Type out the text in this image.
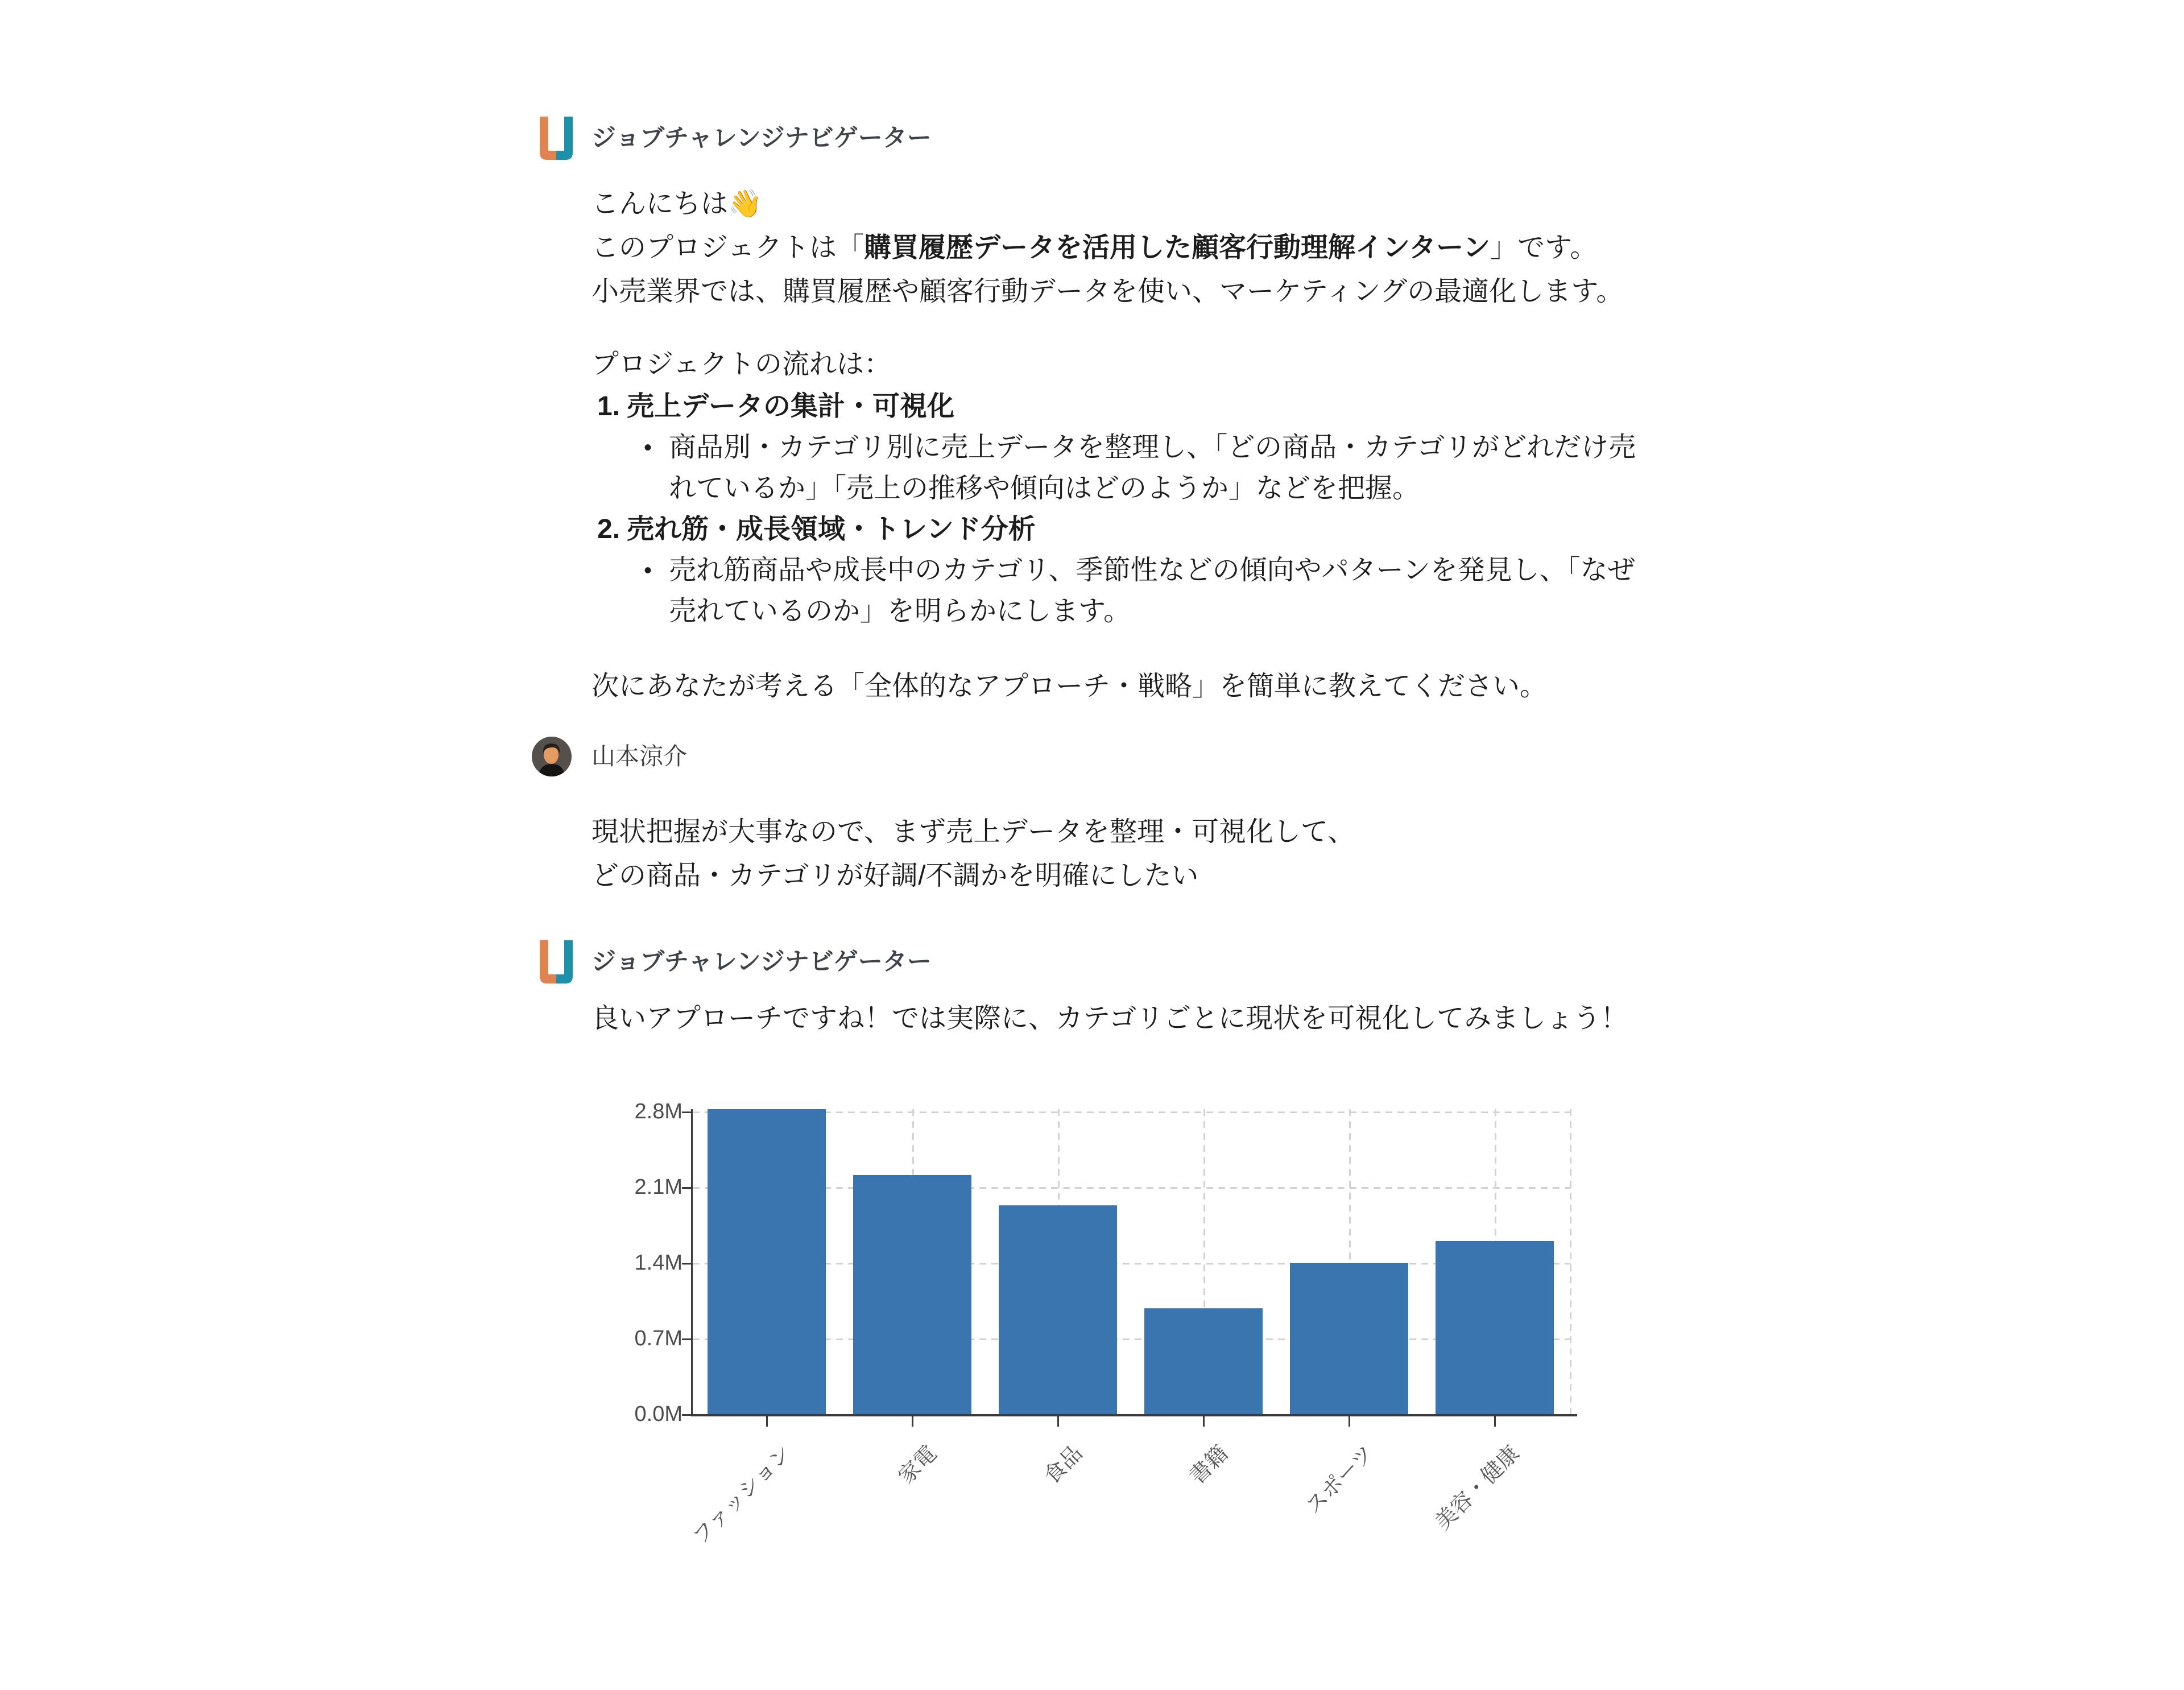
ジョブチャレンジナビゲーター
こんにちは👋
このプロジェクトは「購買履歴データを活用した顧客行動理解インターン」です。
小売業界では、購買履歴や顧客行動データを使い、マーケティングの最適化します。
プロジェクトの流れは：
1. 売上データの集計・可視化
• 商品別・カテゴリ別に売上データを整理し、「どの商品・カテゴリがどれだけ売
れているか」「売上の推移や傾向はどのようか」などを把握。
2. 売れ筋・成長領域・トレンド分析
• 売れ筋商品や成長中のカテゴリ、季節性などの傾向やパターンを発見し、「なぜ
売れているのか」を明らかにします。
次にあなたが考える「全体的なアプローチ・戦略」を簡単に教えてください。
山本涼介
現状把握が大事なので、まず売上データを整理・可視化して、
どの商品・カテゴリが好調/不調かを明確にしたい
ジョブチャレンジナビゲーター
良いアプローチですね！では実際に、カテゴリごとに現状を可視化してみましょう！
0.0M
0.7M
1.4M
2.1M
2.8M
ファッション	家電	食品	書籍	スポーツ 美容・健康
